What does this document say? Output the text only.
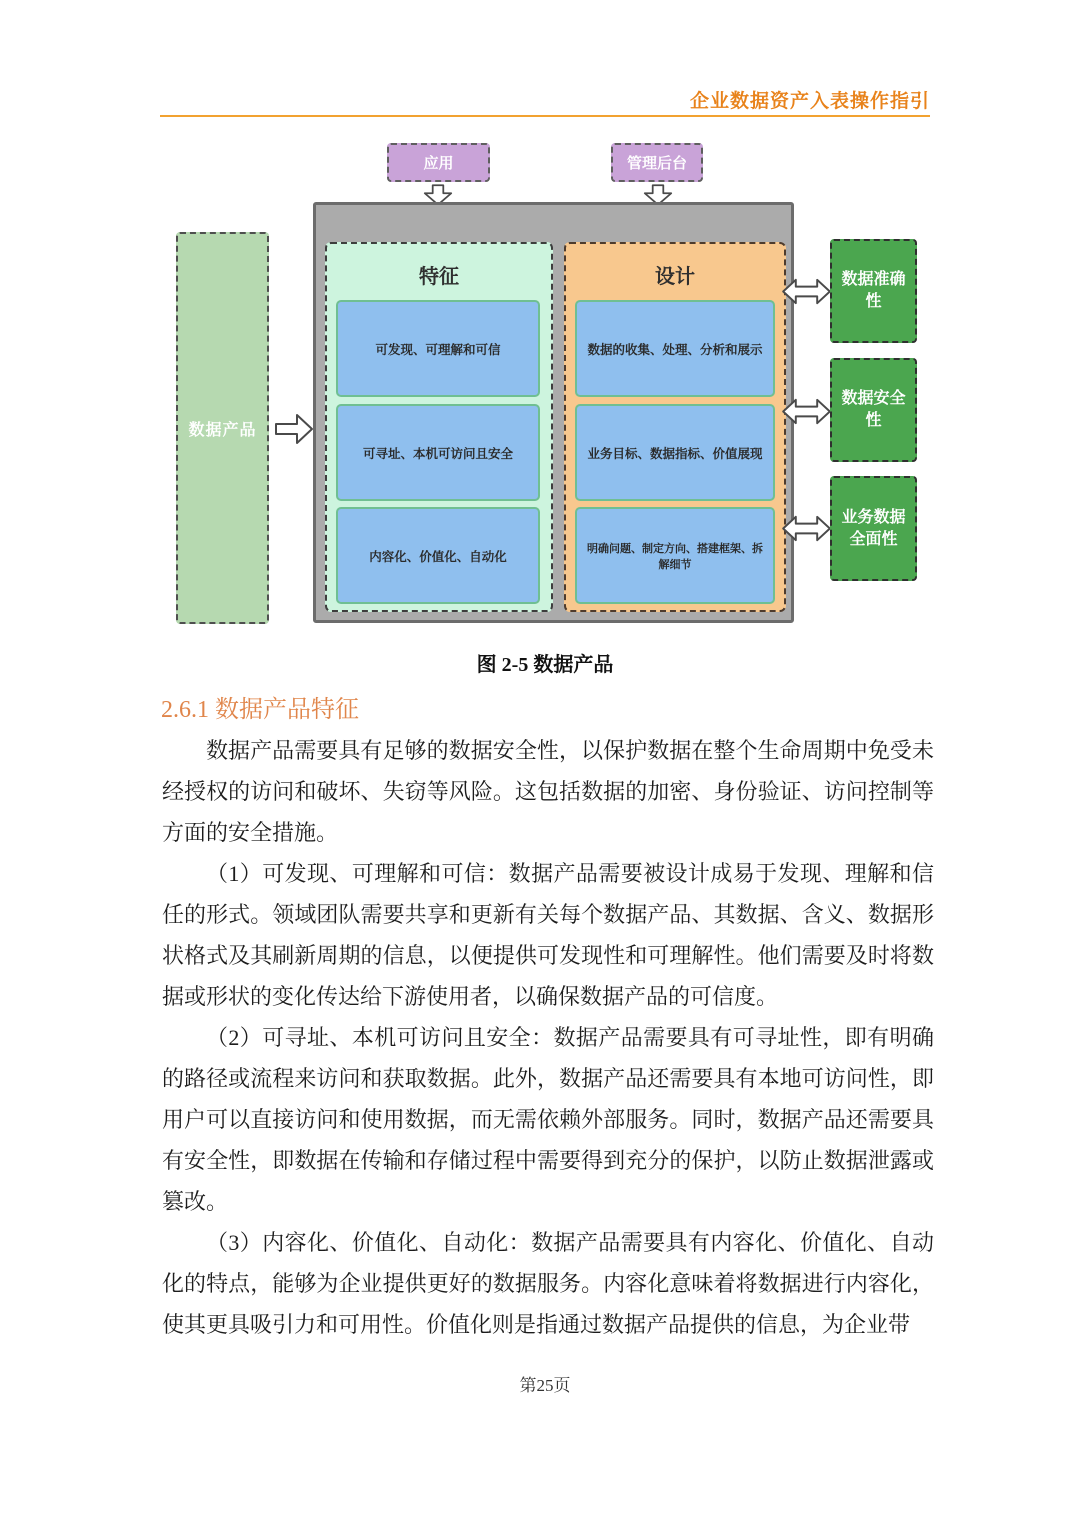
企业数据资产入表操作指引
应用	管理后台
特征
可发现、可理解和可信
可寻址、本机可访问且安全
内容化、价值化、自动化
设计
数据的收集、处理、分析和展示
业务目标、数据指标、价值展现
明确问题、制定方向、搭建框架、拆解细节
数据产品
数据准确性
数据安全性
业务数据全面性
图 2-5 数据产品
2.6.1 数据产品特征

数据产品需要具有足够的数据安全性，以保护数据在整个生命周期中免受未经授权的访问和破坏、失窃等风险。这包括数据的加密、身份验证、访问控制等方面的安全措施。

（1）可发现、可理解和可信：数据产品需要被设计成易于发现、理解和信任的形式。领域团队需要共享和更新有关每个数据产品、其数据、含义、数据形状格式及其刷新周期的信息，以便提供可发现性和可理解性。他们需要及时将数据或形状的变化传达给下游使用者，以确保数据产品的可信度。

（2）可寻址、本机可访问且安全：数据产品需要具有可寻址性，即有明确的路径或流程来访问和获取数据。此外，数据产品还需要具有本地可访问性，即用户可以直接访问和使用数据，而无需依赖外部服务。同时，数据产品还需要具有安全性，即数据在传输和存储过程中需要得到充分的保护，以防止数据泄露或篡改。

（3）内容化、价值化、自动化：数据产品需要具有内容化、价值化、自动化的特点，能够为企业提供更好的数据服务。内容化意味着将数据进行内容化，使其更具吸引力和可用性。价值化则是指通过数据产品提供的信息，为企业带

第25页
